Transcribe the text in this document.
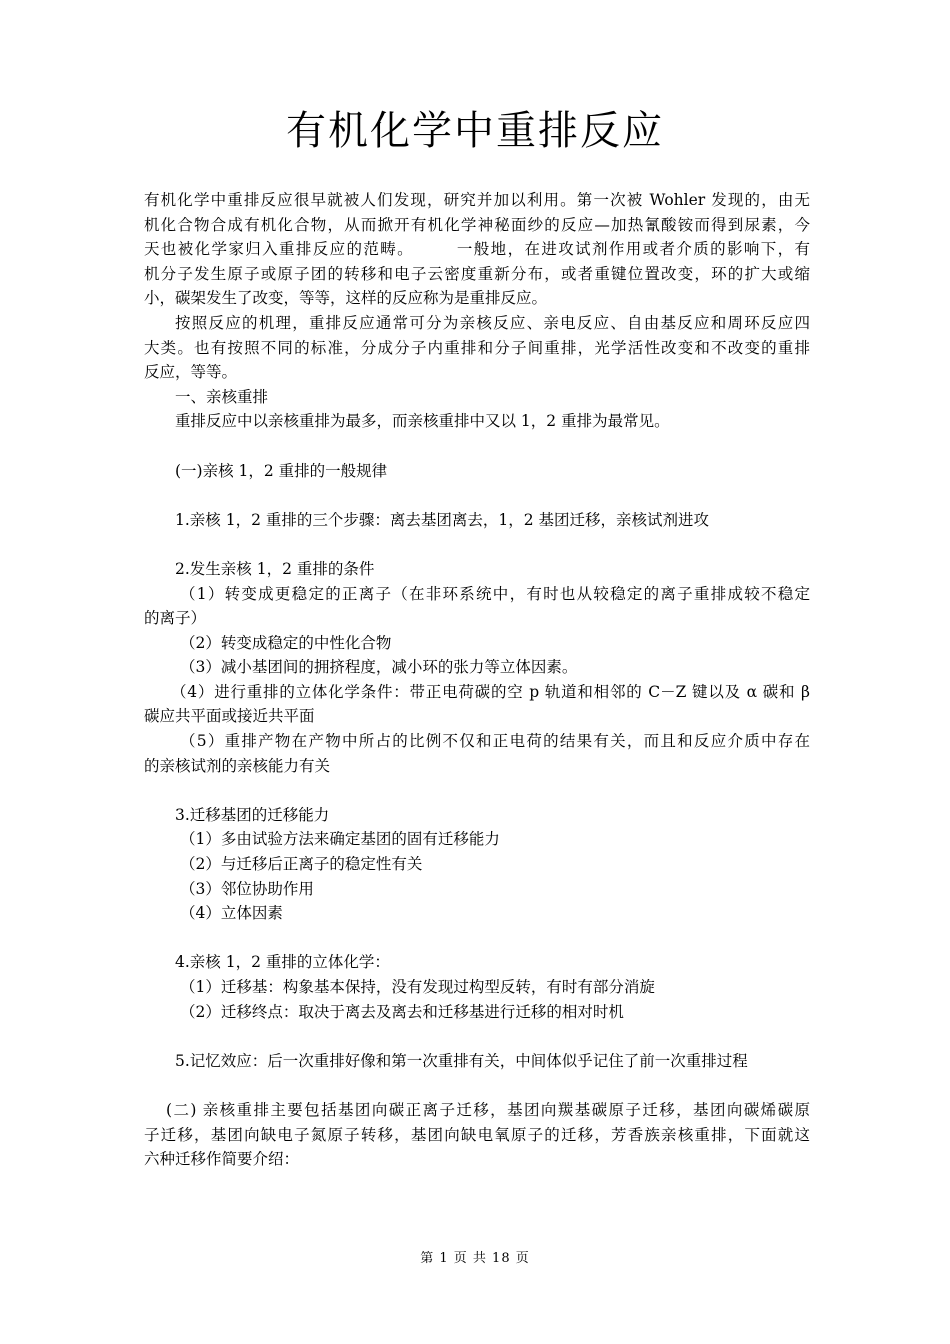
有机化学中重排反应
有机化学中重排反应很早就被人们发现，研究并加以利用。第一次被 Wohler 发现的，由无
机化合物合成有机化合物，从而掀开有机化学神秘面纱的反应—加热氰酸铵而得到尿素，今
天也被化学家归入重排反应的范畴。　　　一般地，在进攻试剂作用或者介质的影响下，有
机分子发生原子或原子团的转移和电子云密度重新分布，或者重键位置改变，环的扩大或缩
小，碳架发生了改变，等等，这样的反应称为是重排反应。
按照反应的机理，重排反应通常可分为亲核反应、亲电反应、自由基反应和周环反应四
大类。也有按照不同的标准，分成分子内重排和分子间重排，光学活性改变和不改变的重排
反应，等等。
一、亲核重排
重排反应中以亲核重排为最多，而亲核重排中又以 1，2 重排为最常见。
(一)亲核 1，2 重排的一般规律
1.亲核 1，2 重排的三个步骤：离去基团离去，1，2 基团迁移，亲核试剂进攻
2.发生亲核 1，2 重排的条件
（1）转变成更稳定的正离子（在非环系统中，有时也从较稳定的离子重排成较不稳定
的离子）
（2）转变成稳定的中性化合物
（3）减小基团间的拥挤程度，减小环的张力等立体因素。
（4）进行重排的立体化学条件：带正电荷碳的空 p 轨道和相邻的 C－Z 键以及 α 碳和 β
碳应共平面或接近共平面
（5）重排产物在产物中所占的比例不仅和正电荷的结果有关，而且和反应介质中存在
的亲核试剂的亲核能力有关
3.迁移基团的迁移能力
（1）多由试验方法来确定基团的固有迁移能力
（2）与迁移后正离子的稳定性有关
（3）邻位协助作用
（4）立体因素
4.亲核 1，2 重排的立体化学：
（1）迁移基：构象基本保持，没有发现过构型反转，有时有部分消旋
（2）迁移终点：取决于离去及离去和迁移基进行迁移的相对时机
5.记忆效应：后一次重排好像和第一次重排有关，中间体似乎记住了前一次重排过程
(二) 亲核重排主要包括基团向碳正离子迁移，基团向羰基碳原子迁移，基团向碳烯碳原
子迁移，基团向缺电子氮原子转移，基团向缺电氧原子的迁移，芳香族亲核重排，下面就这
六种迁移作简要介绍：
第 1 页 共 18 页
